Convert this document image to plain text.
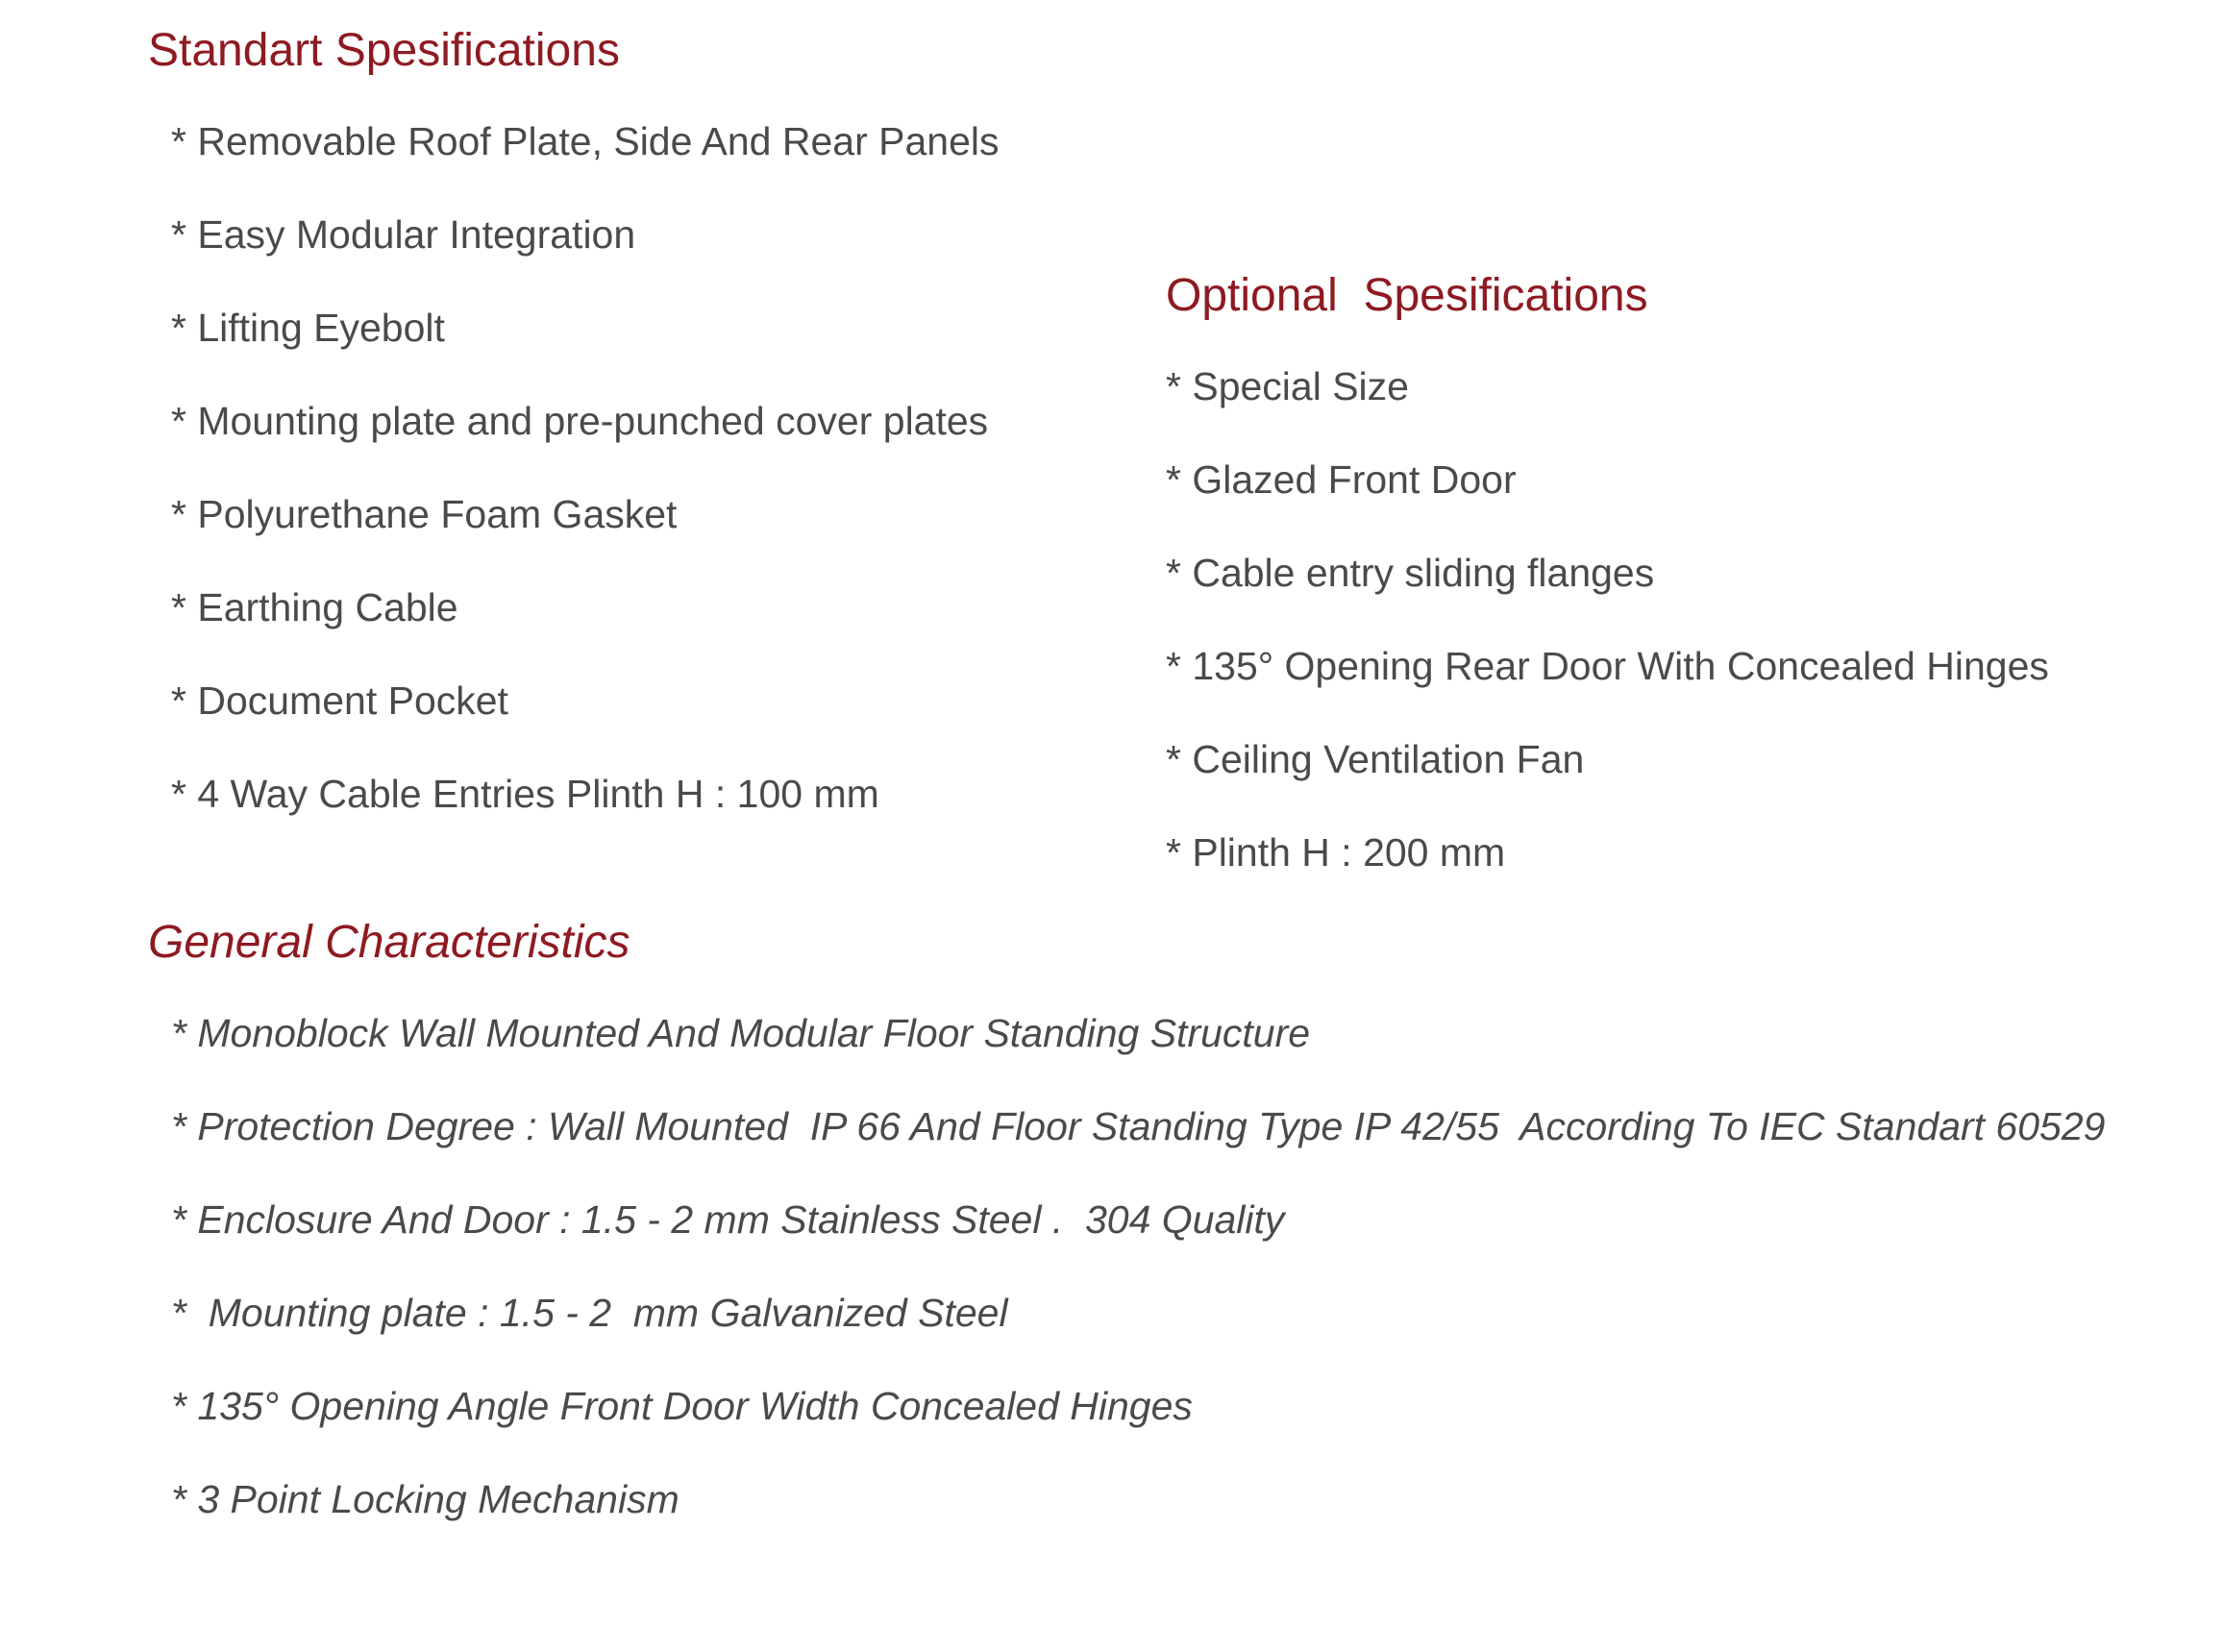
Standart Spesifications
* Removable Roof Plate, Side And Rear Panels
* Easy Modular Integration
* Lifting Eyebolt
* Mounting plate and pre-punched cover plates
* Polyurethane Foam Gasket
* Earthing Cable
* Document Pocket
* 4 Way Cable Entries Plinth H : 100 mm
Optional  Spesifications
* Special Size
* Glazed Front Door
* Cable entry sliding flanges
* 135° Opening Rear Door With Concealed Hinges
* Ceiling Ventilation Fan
* Plinth H : 200 mm
General Characteristics
* Monoblock Wall Mounted And Modular Floor Standing Structure
* Protection Degree : Wall Mounted  IP 66 And Floor Standing Type IP 42/55  According To IEC Standart 60529
* Enclosure And Door : 1.5 - 2 mm Stainless Steel .  304 Quality
*  Mounting plate : 1.5 - 2  mm Galvanized Steel
* 135° Opening Angle Front Door Width Concealed Hinges
* 3 Point Locking Mechanism
